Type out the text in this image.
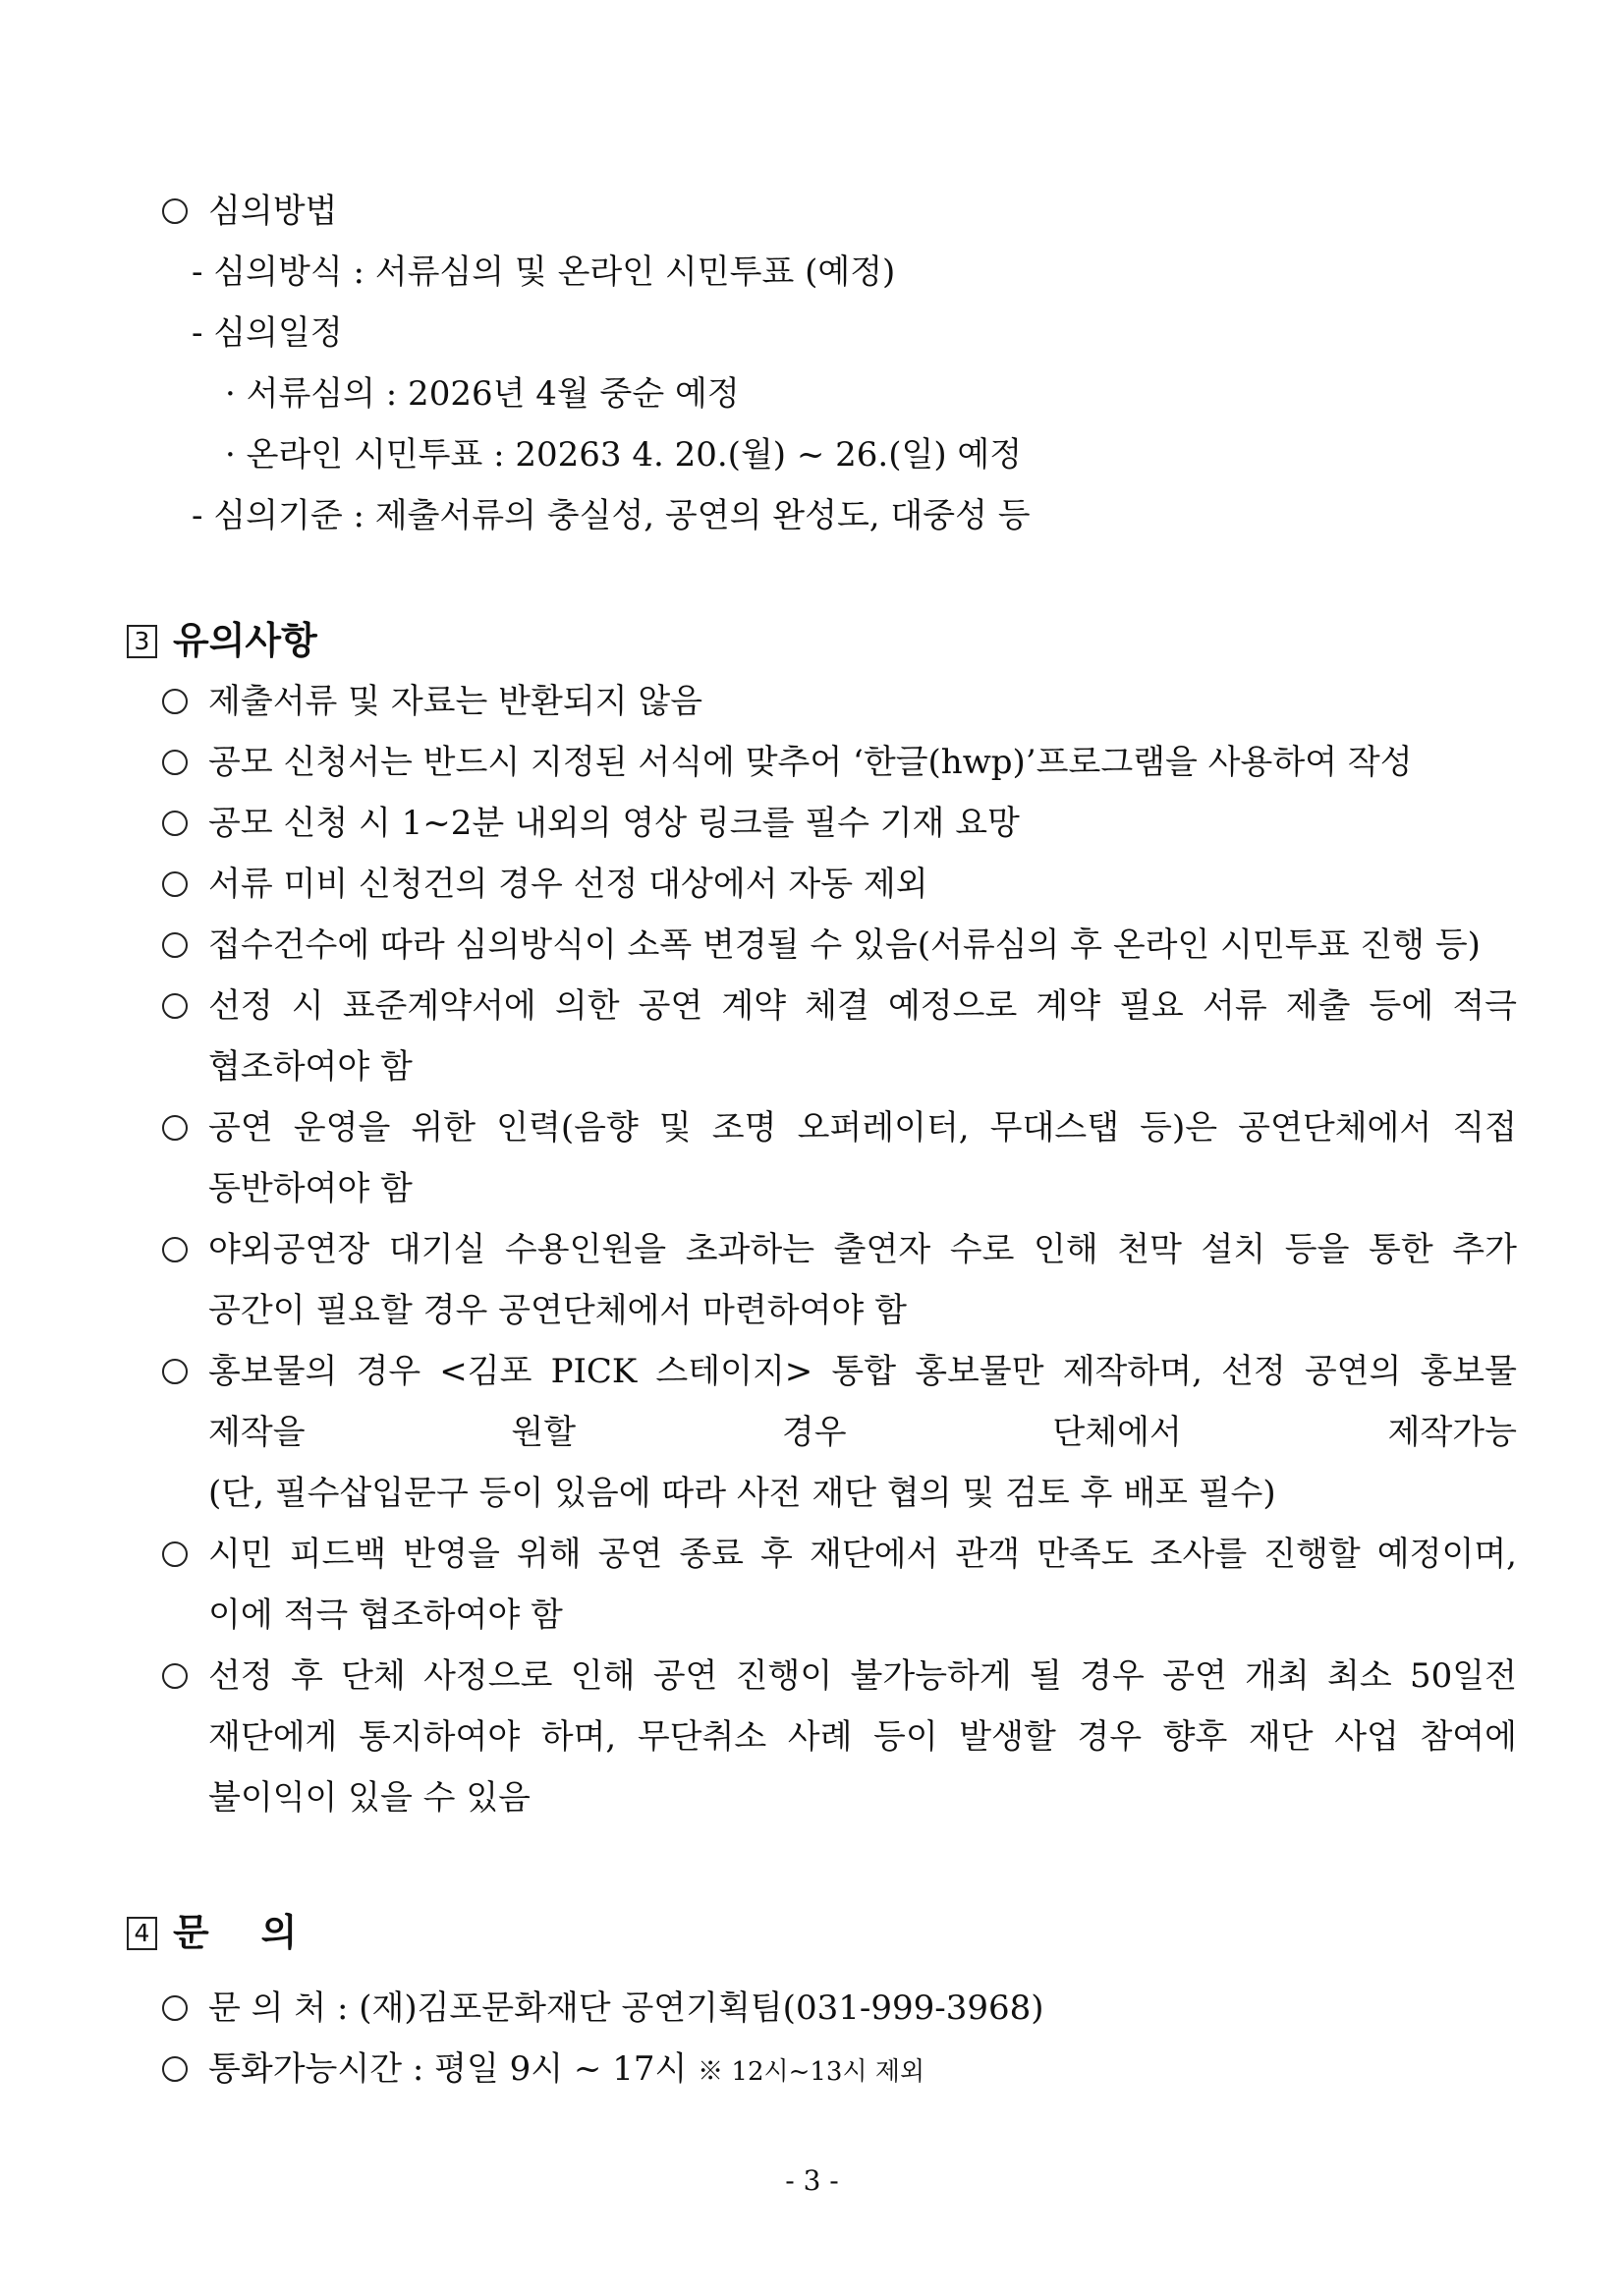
심의방법
- 심의방식 : 서류심의 및 온라인 시민투표 (예정)
- 심의일정
· 서류심의 : 2026년 4월 중순 예정
· 온라인 시민투표 : 20263 4. 20.(월) ~ 26.(일) 예정
- 심의기준 : 제출서류의 충실성, 공연의 완성도, 대중성 등
3 유의사항
제출서류 및 자료는 반환되지 않음
공모 신청서는 반드시 지정된 서식에 맞추어 ‘한글(hwp)’프로그램을 사용하여 작성
공모 신청 시 1~2분 내외의 영상 링크를 필수 기재 요망
서류 미비 신청건의 경우 선정 대상에서 자동 제외
접수건수에 따라 심의방식이 소폭 변경될 수 있음(서류심의 후 온라인 시민투표 진행 등)
선정 시 표준계약서에 의한 공연 계약 체결 예정으로 계약 필요 서류 제출 등에 적극
협조하여야 함
공연 운영을 위한 인력(음향 및 조명 오퍼레이터, 무대스탭 등)은 공연단체에서 직접
동반하여야 함
야외공연장 대기실 수용인원을 초과하는 출연자 수로 인해 천막 설치 등을 통한 추가
공간이 필요할 경우 공연단체에서 마련하여야 함
홍보물의 경우 <김포 PICK 스테이지> 통합 홍보물만 제작하며, 선정 공연의 홍보물
제작을 원할 경우 단체에서 제작가능
(단, 필수삽입문구 등이 있음에 따라 사전 재단 협의 및 검토 후 배포 필수)
시민 피드백 반영을 위해 공연 종료 후 재단에서 관객 만족도 조사를 진행할 예정이며,
이에 적극 협조하여야 함
선정 후 단체 사정으로 인해 공연 진행이 불가능하게 될 경우 공연 개최 최소 50일전
재단에게 통지하여야 하며, 무단취소 사례 등이 발생할 경우 향후 재단 사업 참여에
불이익이 있을 수 있음
4 문    의
문 의 처 : (재)김포문화재단 공연기획팀(031-999-3968)
통화가능시간 : 평일 9시 ~ 17시 ※ 12시~13시 제외
- 3 -
